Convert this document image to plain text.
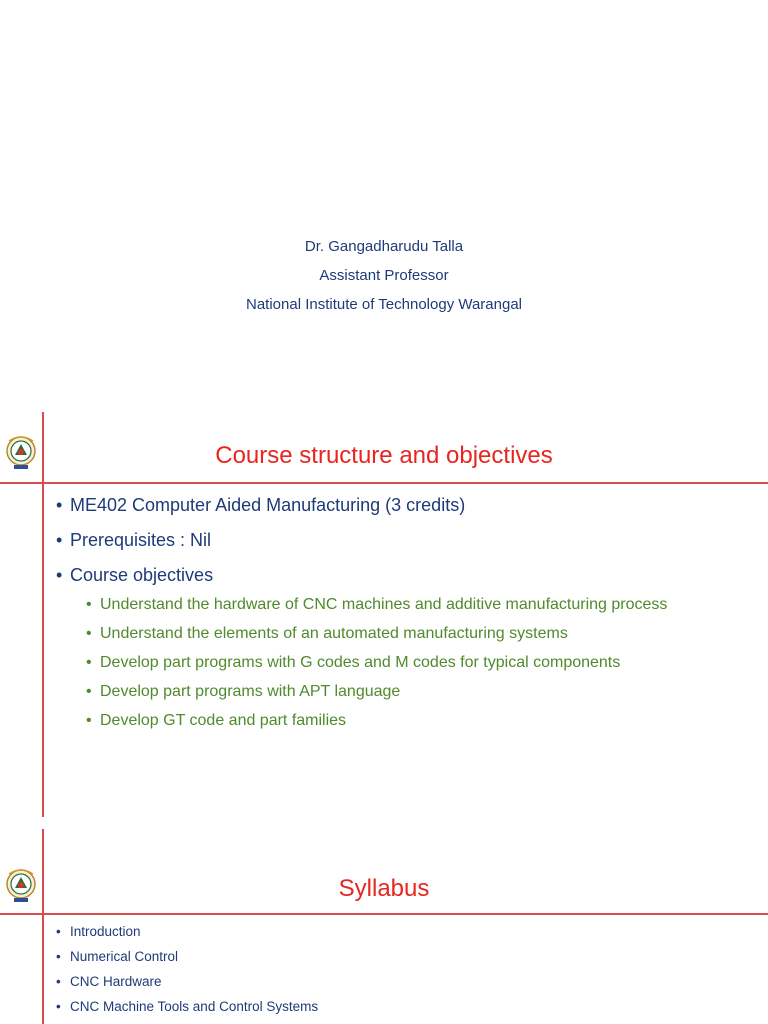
Dr. Gangadharudu Talla
Assistant Professor
National Institute of Technology Warangal
Course structure and objectives
• ME402 Computer Aided Manufacturing (3 credits)
• Prerequisites : Nil
• Course objectives
• Understand the hardware of CNC machines and additive manufacturing process
• Understand the elements of an automated manufacturing systems
• Develop part programs with G codes and M codes for typical components
• Develop part programs with APT language
• Develop GT code and part families
Syllabus
• Introduction
• Numerical Control
• CNC Hardware
• CNC Machine Tools and Control Systems
